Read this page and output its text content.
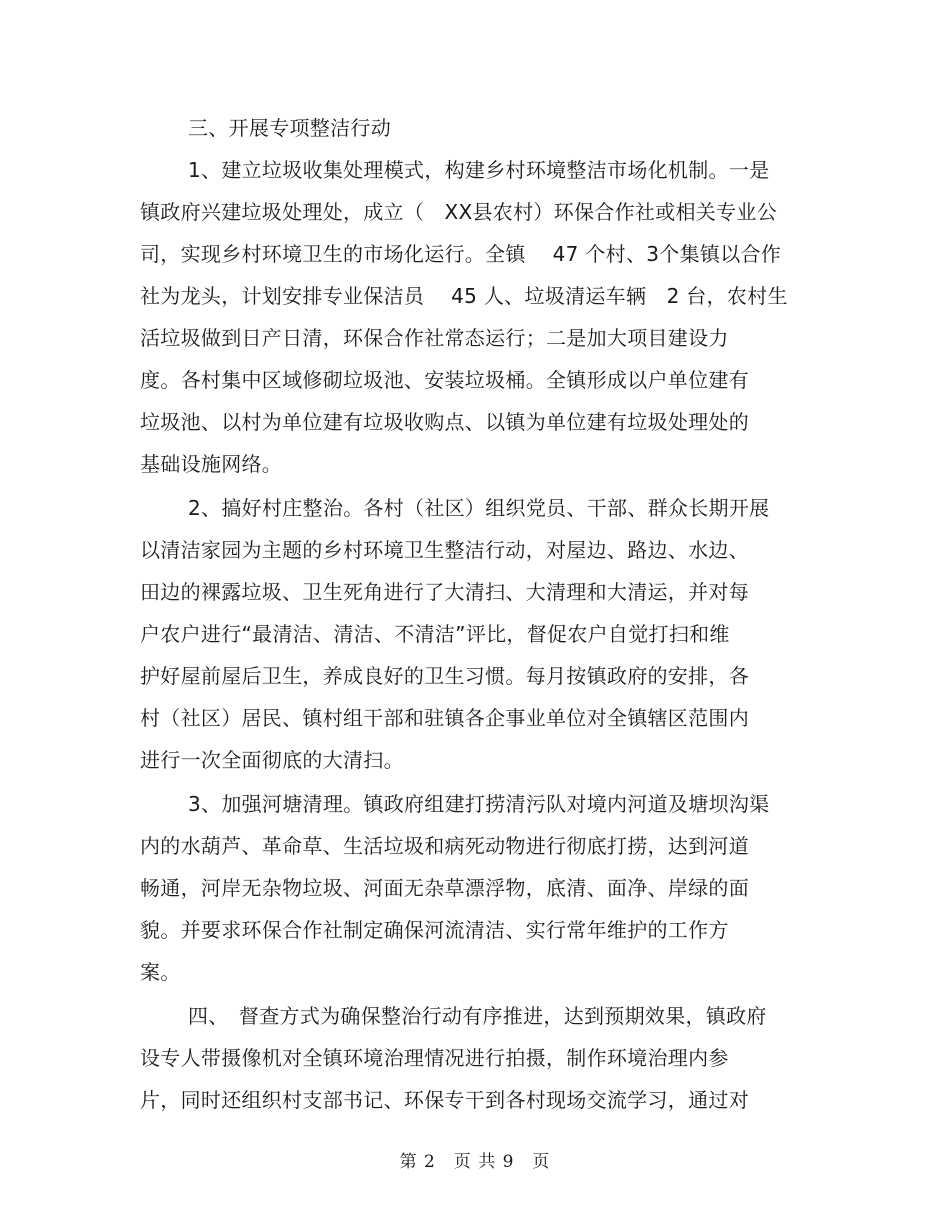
三、开展专项整洁行动
1、建立垃圾收集处理模式，构建乡村环境整洁市场化机制。一是
镇政府兴建垃圾处理处，成立（　XX县农村）环保合作社或相关专业公
司，实现乡村环境卫生的市场化运行。全镇　 47 个村、3个集镇以合作
社为龙头，计划安排专业保洁员　 45 人、垃圾清运车辆　2 台，农村生
活垃圾做到日产日清，环保合作社常态运行；二是加大项目建设力
度。各村集中区域修砌垃圾池、安装垃圾桶。全镇形成以户单位建有
垃圾池、以村为单位建有垃圾收购点、以镇为单位建有垃圾处理处的
基础设施网络。
2、搞好村庄整治。各村（社区）组织党员、干部、群众长期开展
以清洁家园为主题的乡村环境卫生整洁行动，对屋边、路边、水边、
田边的裸露垃圾、卫生死角进行了大清扫、大清理和大清运，并对每
户农户进行“最清洁、清洁、不清洁”评比，督促农户自觉打扫和维
护好屋前屋后卫生，养成良好的卫生习惯。每月按镇政府的安排，各
村（社区）居民、镇村组干部和驻镇各企事业单位对全镇辖区范围内
进行一次全面彻底的大清扫。
3、加强河塘清理。镇政府组建打捞清污队对境内河道及塘坝沟渠
内的水葫芦、革命草、生活垃圾和病死动物进行彻底打捞，达到河道
畅通，河岸无杂物垃圾、河面无杂草漂浮物，底清、面净、岸绿的面
貌。并要求环保合作社制定确保河流清洁、实行常年维护的工作方
案。
四、　督查方式为确保整治行动有序推进，达到预期效果，镇政府
设专人带摄像机对全镇环境治理情况进行拍摄，制作环境治理内参
片，同时还组织村支部书记、环保专干到各村现场交流学习，通过对
第 2　页 共 9　页
